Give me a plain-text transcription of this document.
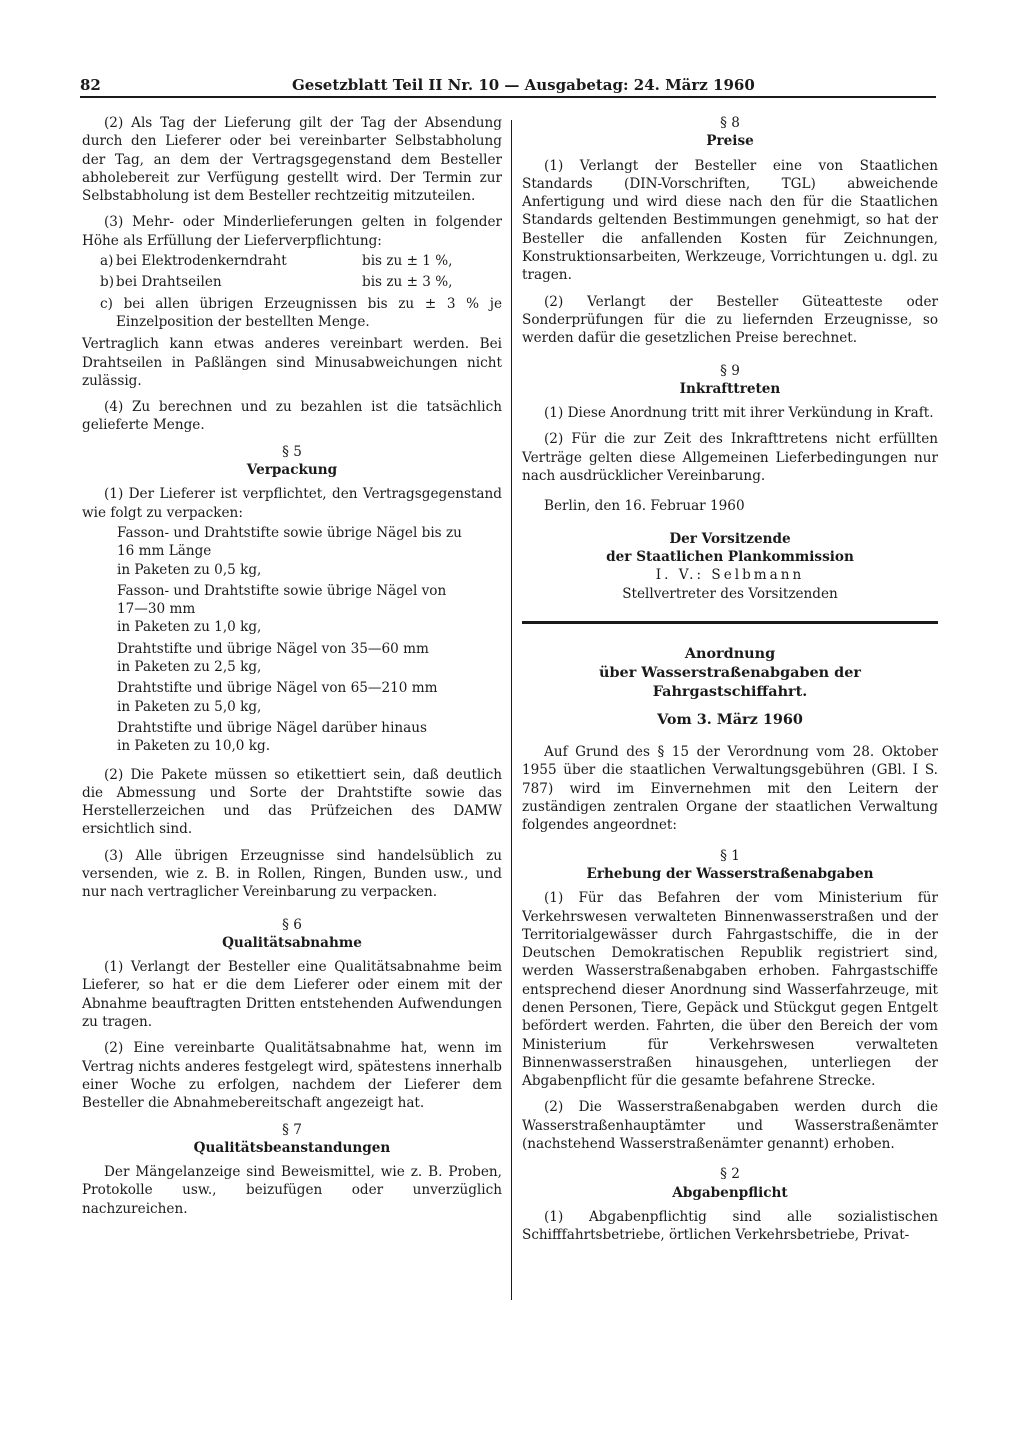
82	Gesetzblatt Teil II Nr. 10 — Ausgabetag: 24. März 1960

(2) Als Tag der Lieferung gilt der Tag der Absendung durch den Lieferer oder bei vereinbarter Selbstabholung der Tag, an dem der Vertragsgegenstand dem Besteller abholebereit zur Verfügung gestellt wird. Der Termin zur Selbstabholung ist dem Besteller rechtzeitig mitzuteilen.

(3) Mehr- oder Minderlieferungen gelten in folgender Höhe als Erfüllung der Lieferverpflichtung:

a) bei Elektrodenkerndraht	bis zu ± 1 %,

b) bei Drahtseilen	bis zu ± 3 %,

c) bei allen übrigen Erzeugnissen bis zu ± 3 % je Einzelposition der bestellten Menge.

Vertraglich kann etwas anderes vereinbart werden. Bei Drahtseilen in Paßlängen sind Minusabweichungen nicht zulässig.

(4) Zu berechnen und zu bezahlen ist die tatsächlich gelieferte Menge.

§ 5

Verpackung

(1) Der Lieferer ist verpflichtet, den Vertragsgegenstand wie folgt zu verpacken:

Fasson- und Drahtstifte sowie übrige Nägel bis zu
16 mm Länge
in Paketen zu 0,5 kg,
Fasson- und Drahtstifte sowie übrige Nägel von
17—30 mm
in Paketen zu 1,0 kg,
Drahtstifte und übrige Nägel von 35—60 mm
in Paketen zu 2,5 kg,
Drahtstifte und übrige Nägel von 65—210 mm
in Paketen zu 5,0 kg,
Drahtstifte und übrige Nägel darüber hinaus
in Paketen zu 10,0 kg.

(2) Die Pakete müssen so etikettiert sein, daß deutlich die Abmessung und Sorte der Drahtstifte sowie das Herstellerzeichen und das Prüfzeichen des DAMW ersichtlich sind.

(3) Alle übrigen Erzeugnisse sind handelsüblich zu versenden, wie z. B. in Rollen, Ringen, Bunden usw., und nur nach vertraglicher Vereinbarung zu verpacken.

§ 6

Qualitätsabnahme

(1) Verlangt der Besteller eine Qualitätsabnahme beim Lieferer, so hat er die dem Lieferer oder einem mit der Abnahme beauftragten Dritten entstehenden Aufwendungen zu tragen.

(2) Eine vereinbarte Qualitätsabnahme hat, wenn im Vertrag nichts anderes festgelegt wird, spätestens innerhalb einer Woche zu erfolgen, nachdem der Lieferer dem Besteller die Abnahmebereitschaft angezeigt hat.

§ 7

Qualitätsbeanstandungen

Der Mängelanzeige sind Beweismittel, wie z. B. Proben, Protokolle usw., beizufügen oder unverzüglich nachzureichen.

§ 8

Preise

(1) Verlangt der Besteller eine von Staatlichen Standards (DIN-Vorschriften, TGL) abweichende Anfertigung und wird diese nach den für die Staatlichen Standards geltenden Bestimmungen genehmigt, so hat der Besteller die anfallenden Kosten für Zeichnungen, Konstruktionsarbeiten, Werkzeuge, Vorrichtungen u. dgl. zu tragen.

(2) Verlangt der Besteller Güteatteste oder Sonderprüfungen für die zu liefernden Erzeugnisse, so werden dafür die gesetzlichen Preise berechnet.

§ 9

Inkrafttreten

(1) Diese Anordnung tritt mit ihrer Verkündung in Kraft.

(2) Für die zur Zeit des Inkrafttretens nicht erfüllten Verträge gelten diese Allgemeinen Lieferbedingungen nur nach ausdrücklicher Vereinbarung.

Berlin, den 16. Februar 1960

Der Vorsitzende

der Staatlichen Plankommission

I. V.: Selbmann

Stellvertreter des Vorsitzenden

Anordnung

über Wasserstraßenabgaben der Fahrgastschiffahrt.

Vom 3. März 1960

Auf Grund des § 15 der Verordnung vom 28. Oktober 1955 über die staatlichen Verwaltungsgebühren (GBl. I S. 787) wird im Einvernehmen mit den Leitern der zuständigen zentralen Organe der staatlichen Verwaltung folgendes angeordnet:

§ 1

Erhebung der Wasserstraßenabgaben

(1) Für das Befahren der vom Ministerium für Verkehrswesen verwalteten Binnenwasserstraßen und der Territorialgewässer durch Fahrgastschiffe, die in der Deutschen Demokratischen Republik registriert sind, werden Wasserstraßenabgaben erhoben. Fahrgastschiffe entsprechend dieser Anordnung sind Wasserfahrzeuge, mit denen Personen, Tiere, Gepäck und Stückgut gegen Entgelt befördert werden. Fahrten, die über den Bereich der vom Ministerium für Verkehrswesen verwalteten Binnenwasserstraßen hinausgehen, unterliegen der Abgabenpflicht für die gesamte befahrene Strecke.

(2) Die Wasserstraßenabgaben werden durch die Wasserstraßenhauptämter und Wasserstraßenämter (nachstehend Wasserstraßenämter genannt) erhoben.

§ 2

Abgabenpflicht

(1) Abgabenpflichtig sind alle sozialistischen Schifffahrtsbetriebe, örtlichen Verkehrsbetriebe, Privat-
